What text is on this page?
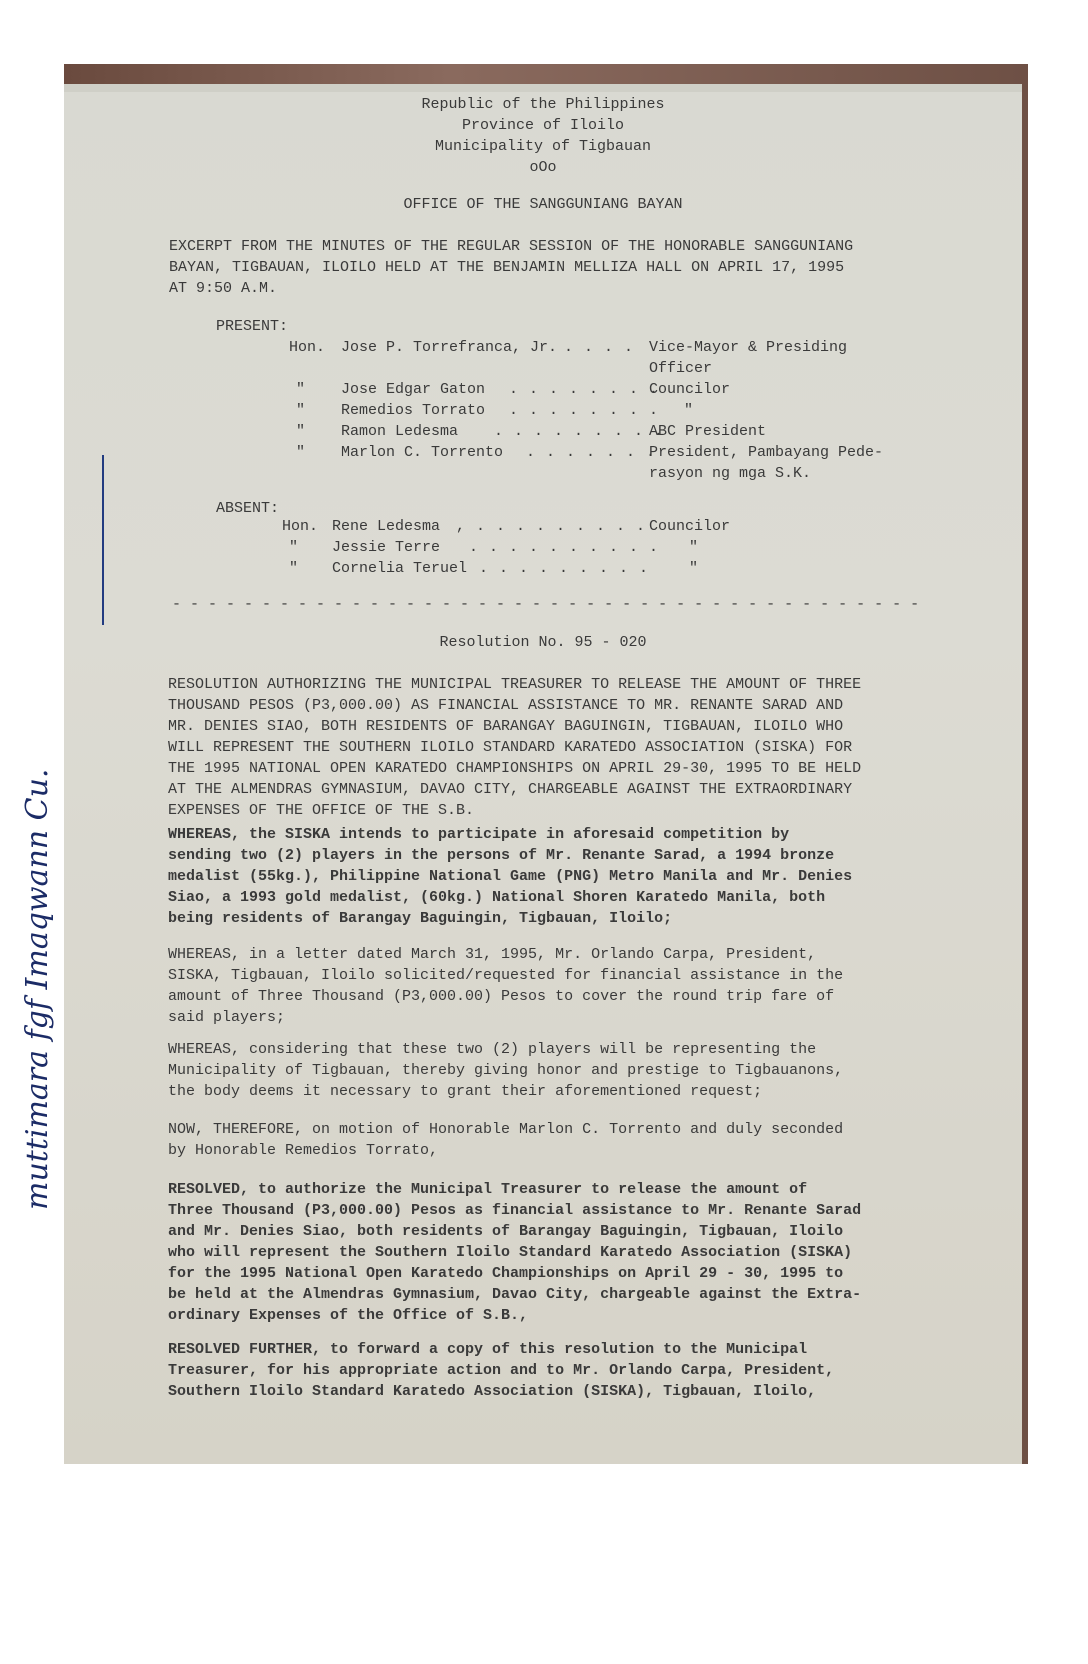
Republic of the Philippines
Province of Iloilo
Municipality of Tigbauan
oOo
OFFICE OF THE SANGGUNIANG BAYAN
EXCERPT FROM THE MINUTES OF THE REGULAR SESSION OF THE HONORABLE SANGGUNIANG
BAYAN, TIGBAUAN, ILOILO HELD AT THE BENJAMIN MELLIZA HALL ON APRIL 17, 1995
AT 9:50 A.M.
PRESENT:
Hon. Jose P. Torrefranca, Jr. . . . . Vice-Mayor & Presiding
Officer
" Jose Edgar Gaton . . . . . . . .
Councilor
" Remedios Torrato . . . . . . . . "
" Ramon Ledesma . . . . . . . . .
ABC President
" Marlon C. Torrento . . . . . . .
President, Pambayang Pede-
rasyon ng mga S.K.
ABSENT:
Hon. Rene Ledesma , . . . . . . . . . Councilor
" Jessie Terre . . . . . . . . . . "
" Cornelia Teruel . . . . . . . . .	"
- - - - - - - - - - - - - - - - - - - - - - - - - - - - - - - - - - - - - - - - - -
Resolution No. 95 - 020
RESOLUTION AUTHORIZING THE MUNICIPAL TREASURER TO RELEASE THE AMOUNT OF THREE
THOUSAND PESOS (P3,000.00) AS FINANCIAL ASSISTANCE TO MR. RENANTE SARAD AND
MR. DENIES SIAO, BOTH RESIDENTS OF BARANGAY BAGUINGIN, TIGBAUAN, ILOILO WHO
WILL REPRESENT THE SOUTHERN ILOILO STANDARD KARATEDO ASSOCIATION (SISKA) FOR
THE 1995 NATIONAL OPEN KARATEDO CHAMPIONSHIPS ON APRIL 29-30, 1995 TO BE HELD
AT THE ALMENDRAS GYMNASIUM, DAVAO CITY, CHARGEABLE AGAINST THE EXTRAORDINARY
EXPENSES OF THE OFFICE OF THE S.B.
WHEREAS, the SISKA intends to participate in aforesaid competition by
sending two (2) players in the persons of Mr. Renante Sarad, a 1994 bronze
medalist (55kg.), Philippine National Game (PNG) Metro Manila and Mr. Denies
Siao, a 1993 gold medalist, (60kg.) National Shoren Karatedo Manila, both
being residents of Barangay Baguingin, Tigbauan, Iloilo;
WHEREAS, in a letter dated March 31, 1995, Mr. Orlando Carpa, President,
SISKA, Tigbauan, Iloilo solicited/requested for financial assistance in the
amount of Three Thousand (P3,000.00) Pesos to cover the round trip fare of
said players;
WHEREAS, considering that these two (2) players will be representing the
Municipality of Tigbauan, thereby giving honor and prestige to Tigbauanons,
the body deems it necessary to grant their aforementioned request;
NOW, THEREFORE, on motion of Honorable Marlon C. Torrento and duly seconded
by Honorable Remedios Torrato,
RESOLVED, to authorize the Municipal Treasurer to release the amount of
Three Thousand (P3,000.00) Pesos as financial assistance to Mr. Renante Sarad
and Mr. Denies Siao, both residents of Barangay Baguingin, Tigbauan, Iloilo
who will represent the Southern Iloilo Standard Karatedo Association (SISKA)
for the 1995 National Open Karatedo Championships on April 29 - 30, 1995 to
be held at the Almendras Gymnasium, Davao City, chargeable against the Extra-
ordinary Expenses of the Office of S.B.,
RESOLVED FURTHER, to forward a copy of this resolution to the Municipal
Treasurer, for his appropriate action and to Mr. Orlando Carpa, President,
Southern Iloilo Standard Karatedo Association (SISKA), Tigbauan, Iloilo,
muttimara fgf Imaqwann Cu.
